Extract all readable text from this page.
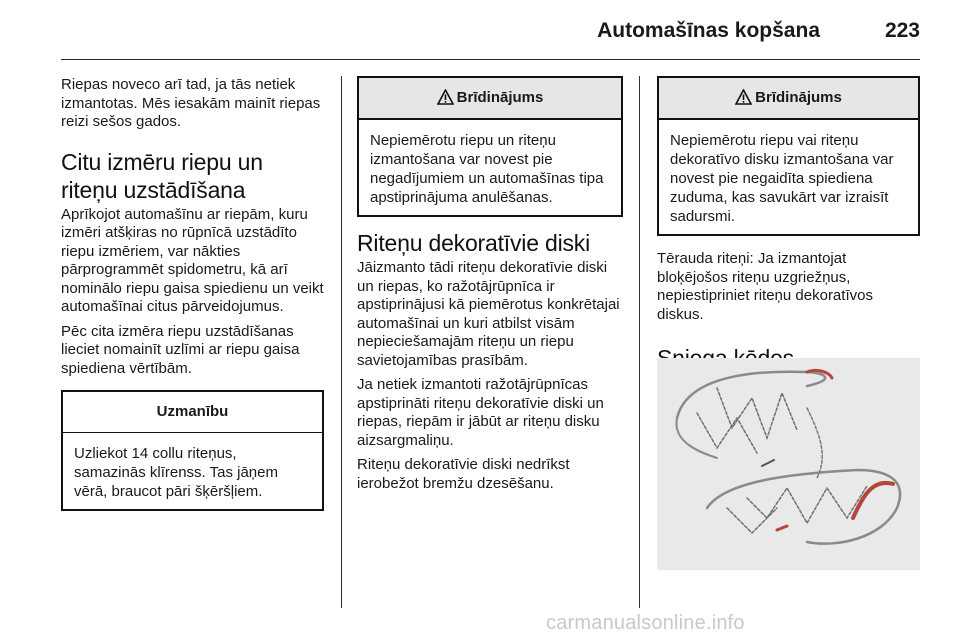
Automašīnas kopšana	223

Riepas noveco arī tad, ja tās netiek izmantotas. Mēs iesakām mainīt riepas reizi sešos gados.

Citu izmēru riepu un riteņu uzstādīšana

Aprīkojot automašīnu ar riepām, kuru izmēri atšķiras no rūpnīcā uzstādīto riepu izmēriem, var nākties pārprogrammēt spidometru, kā arī nominālo riepu gaisa spiedienu un veikt automašīnai citus pārveidojumus.

Pēc cita izmēra riepu uzstādīšanas lieciet nomainīt uzlīmi ar riepu gaisa spiediena vērtībām.

Uzmanību
Uzliekot 14 collu riteņus, samazinās klīrenss. Tas jāņem vērā, braucot pāri šķēršļiem.
Brīdinājums
Nepiemērotu riepu un riteņu izmantošana var novest pie negadījumiem un automašīnas tipa apstiprinājuma anulēšanas.
Riteņu dekoratīvie diski

Jāizmanto tādi riteņu dekoratīvie diski un riepas, ko ražotājrūpnīca ir apstiprinājusi kā piemērotus konkrētajai automašīnai un kuri atbilst visām nepieciešamajām riteņu un riepu savietojamības prasībām.

Ja netiek izmantoti ražotājrūpnīcas apstiprināti riteņu dekoratīvie diski un riepas, riepām ir jābūt ar riteņu disku aizsargmaliņu.

Riteņu dekoratīvie diski nedrīkst ierobežot bremžu dzesēšanu.

Brīdinājums
Nepiemērotu riepu vai riteņu dekoratīvo disku izmantošana var novest pie negaidīta spiediena zuduma, kas savukārt var izraisīt sadursmi.

Tērauda riteņi: Ja izmantojat bloķējošos riteņu uzgriežņus, nepiestipriniet riteņu dekoratīvos diskus.

carmanualsonline.info
